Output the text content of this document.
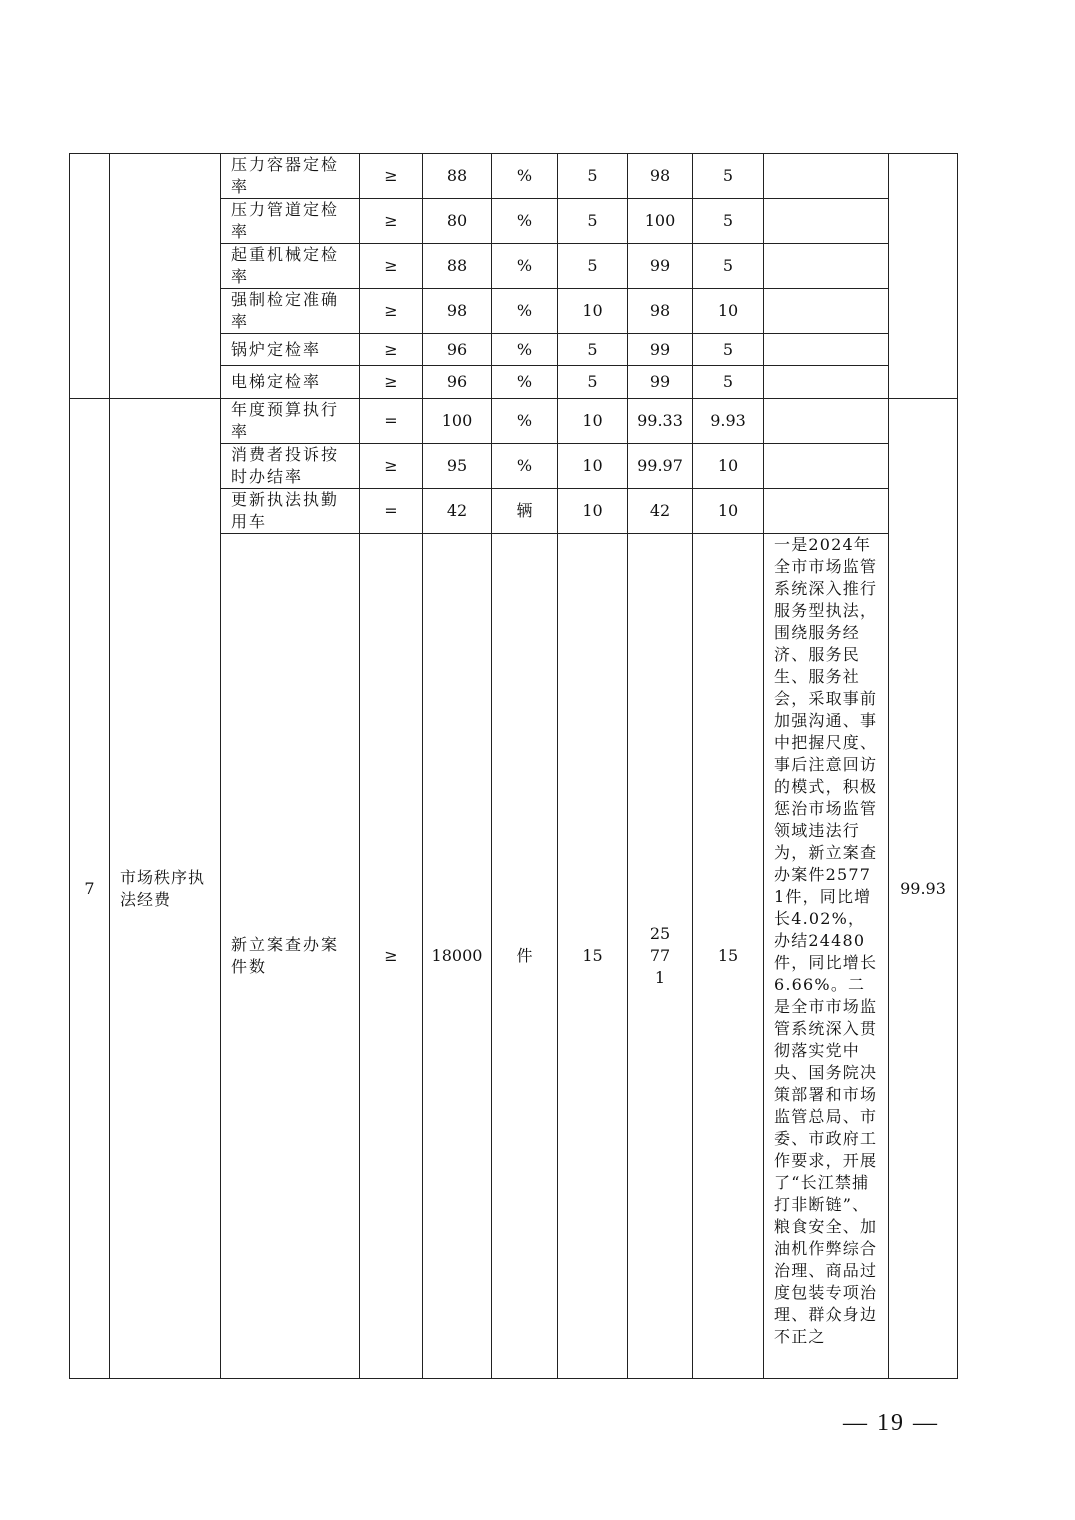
		压力容器定检率	≥	88	%	5	98	5		
		压力管道定检率	≥	80	%	5	100	5		
		起重机械定检率	≥	88	%	5	99	5		
		强制检定准确率	≥	98	%	10	98	10		
		锅炉定检率	≥	96	%	5	99	5		
		电梯定检率	≥	96	%	5	99	5		
7	市场秩序执法经费	年度预算执行率	=	100	%	10	99.33	9.93		99.93
		消费者投诉按时办结率	≥	95	%	10	99.97	10		
		更新执法执勤用车	=	42	辆	10	42	10		
		新立案查办案件数	≥	18000	件	15	25771	15	一是2024年全市市场监管系统深入推行服务型执法，围绕服务经济、服务民生、服务社会，采取事前加强沟通、事中把握尺度、事后注意回访的模式，积极惩治市场监管领域违法行为，新立案查办案件25771件，同比增长4.02%，办结24480件，同比增长6.66%。二是全市市场监管系统深入贯彻落实党中央、国务院决策部署和市场监管总局、市委、市政府工作要求，开展了“长江禁捕打非断链”、粮食安全、加油机作弊综合治理、商品过度包装专项治理、群众身边不正之	
— 19 —
